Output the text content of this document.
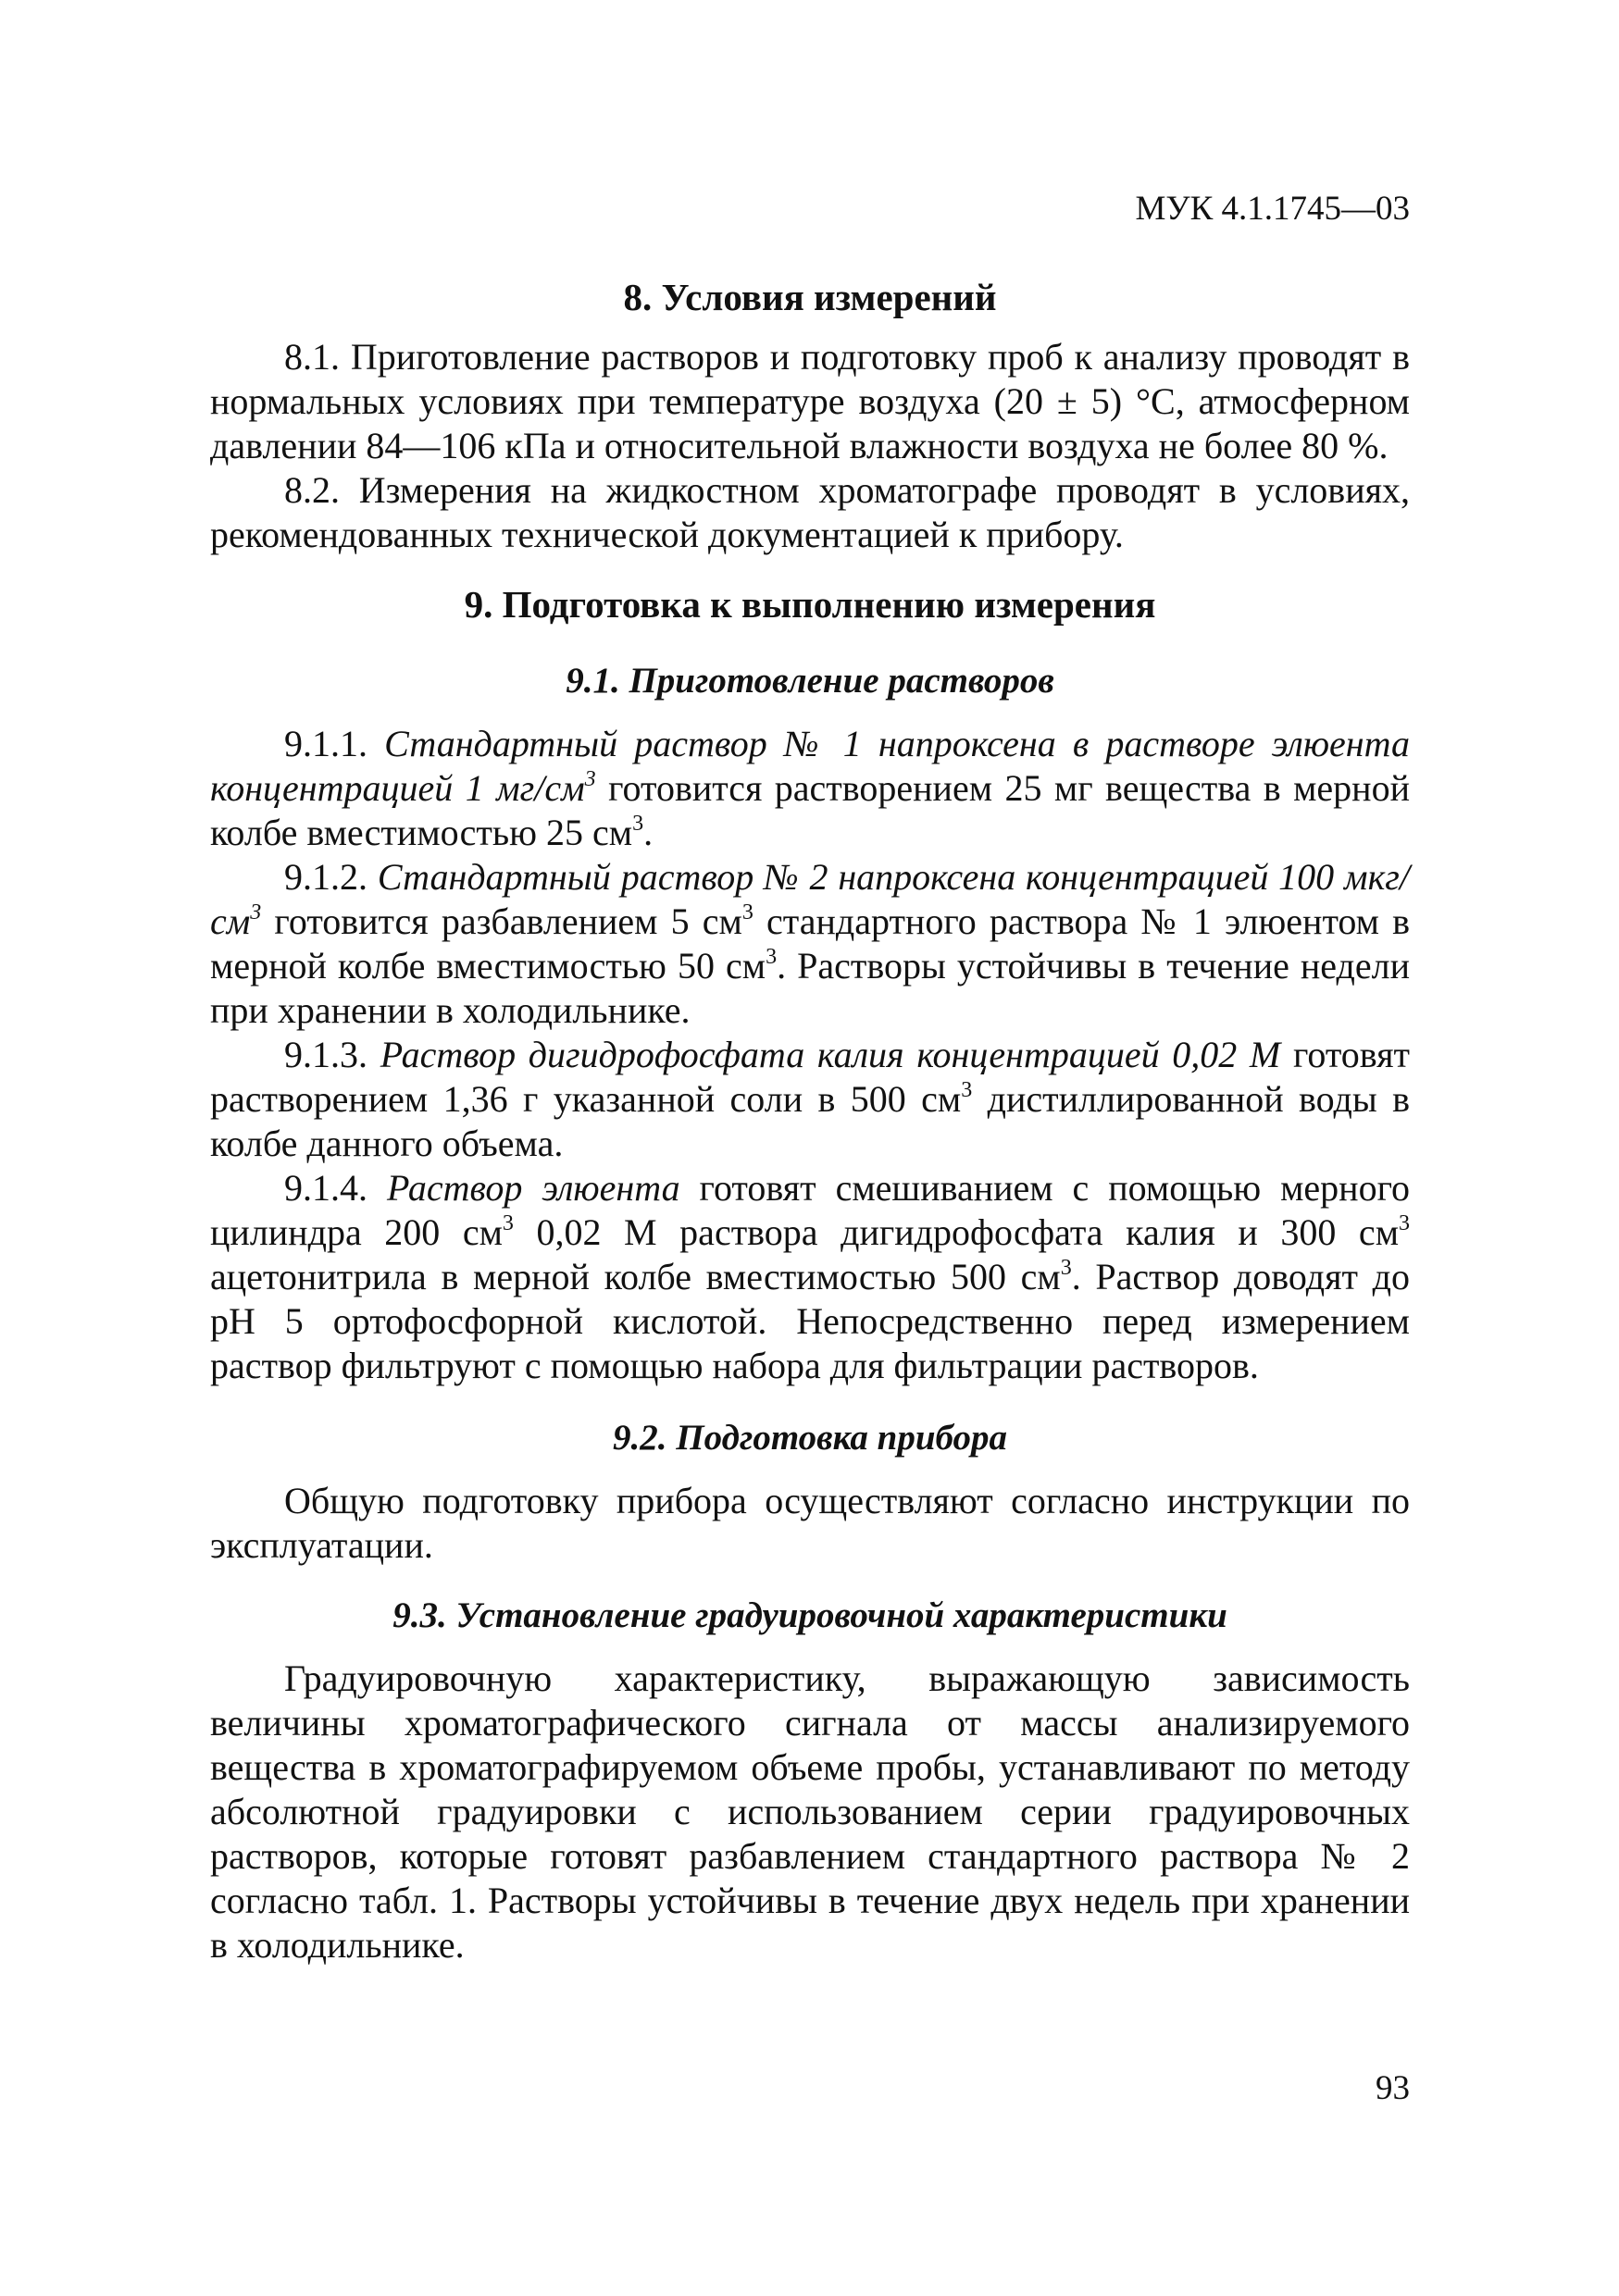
МУК 4.1.1745—03
8. Условия измерений

8.1. Приготовление растворов и подготовку проб к анализу проводят в нормальных условиях при температуре воздуха (20 ± 5) °С, атмосферном давлении 84—106 кПа и относительной влажности воздуха не более 80 %.

8.2. Измерения на жидкостном хроматографе проводят в условиях, рекомендованных технической документацией к прибору.

9. Подготовка к выполнению измерения
9.1. Приготовление растворов

9.1.1. Стандартный раствор № 1 напроксена в растворе элюента концентрацией 1 $мг/см^3$ готовится растворением 25 мг вещества в мерной колбе вместимостью 25 $см^3$.

9.1.2. Стандартный раствор № 2 напроксена концентрацией 100 мкг/$см^3$ готовится разбавлением 5 $см^3$ стандартного раствора № 1 элюентом в мерной колбе вместимостью 50 $см^3$. Растворы устойчивы в течение недели при хранении в холодильнике.

9.1.3. Раствор дигидрофосфата калия концентрацией 0,02 М готовят растворением 1,36 г указанной соли в 500 $см^3$ дистиллированной воды в колбе данного объема.

9.1.4. Раствор элюента готовят смешиванием с помощью мерного цилиндра 200 $см^3$ 0,02 М раствора дигидрофосфата калия и 300 $см^3$ ацетонитрила в мерной колбе вместимостью 500 $см^3$. Раствор доводят до рН 5 ортофосфорной кислотой. Непосредственно перед измерением раствор фильтруют с помощью набора для фильтрации растворов.

9.2. Подготовка прибора

Общую подготовку прибора осуществляют согласно инструкции по эксплуатации.

9.3. Установление градуировочной характеристики

Градуировочную характеристику, выражающую зависимость величины хроматографического сигнала от массы анализируемого вещества в хроматографируемом объеме пробы, устанавливают по методу абсолютной градуировки с использованием серии градуировочных растворов, которые готовят разбавлением стандартного раствора № 2 согласно табл. 1. Растворы устойчивы в течение двух недель при хранении в холодильнике.

93
